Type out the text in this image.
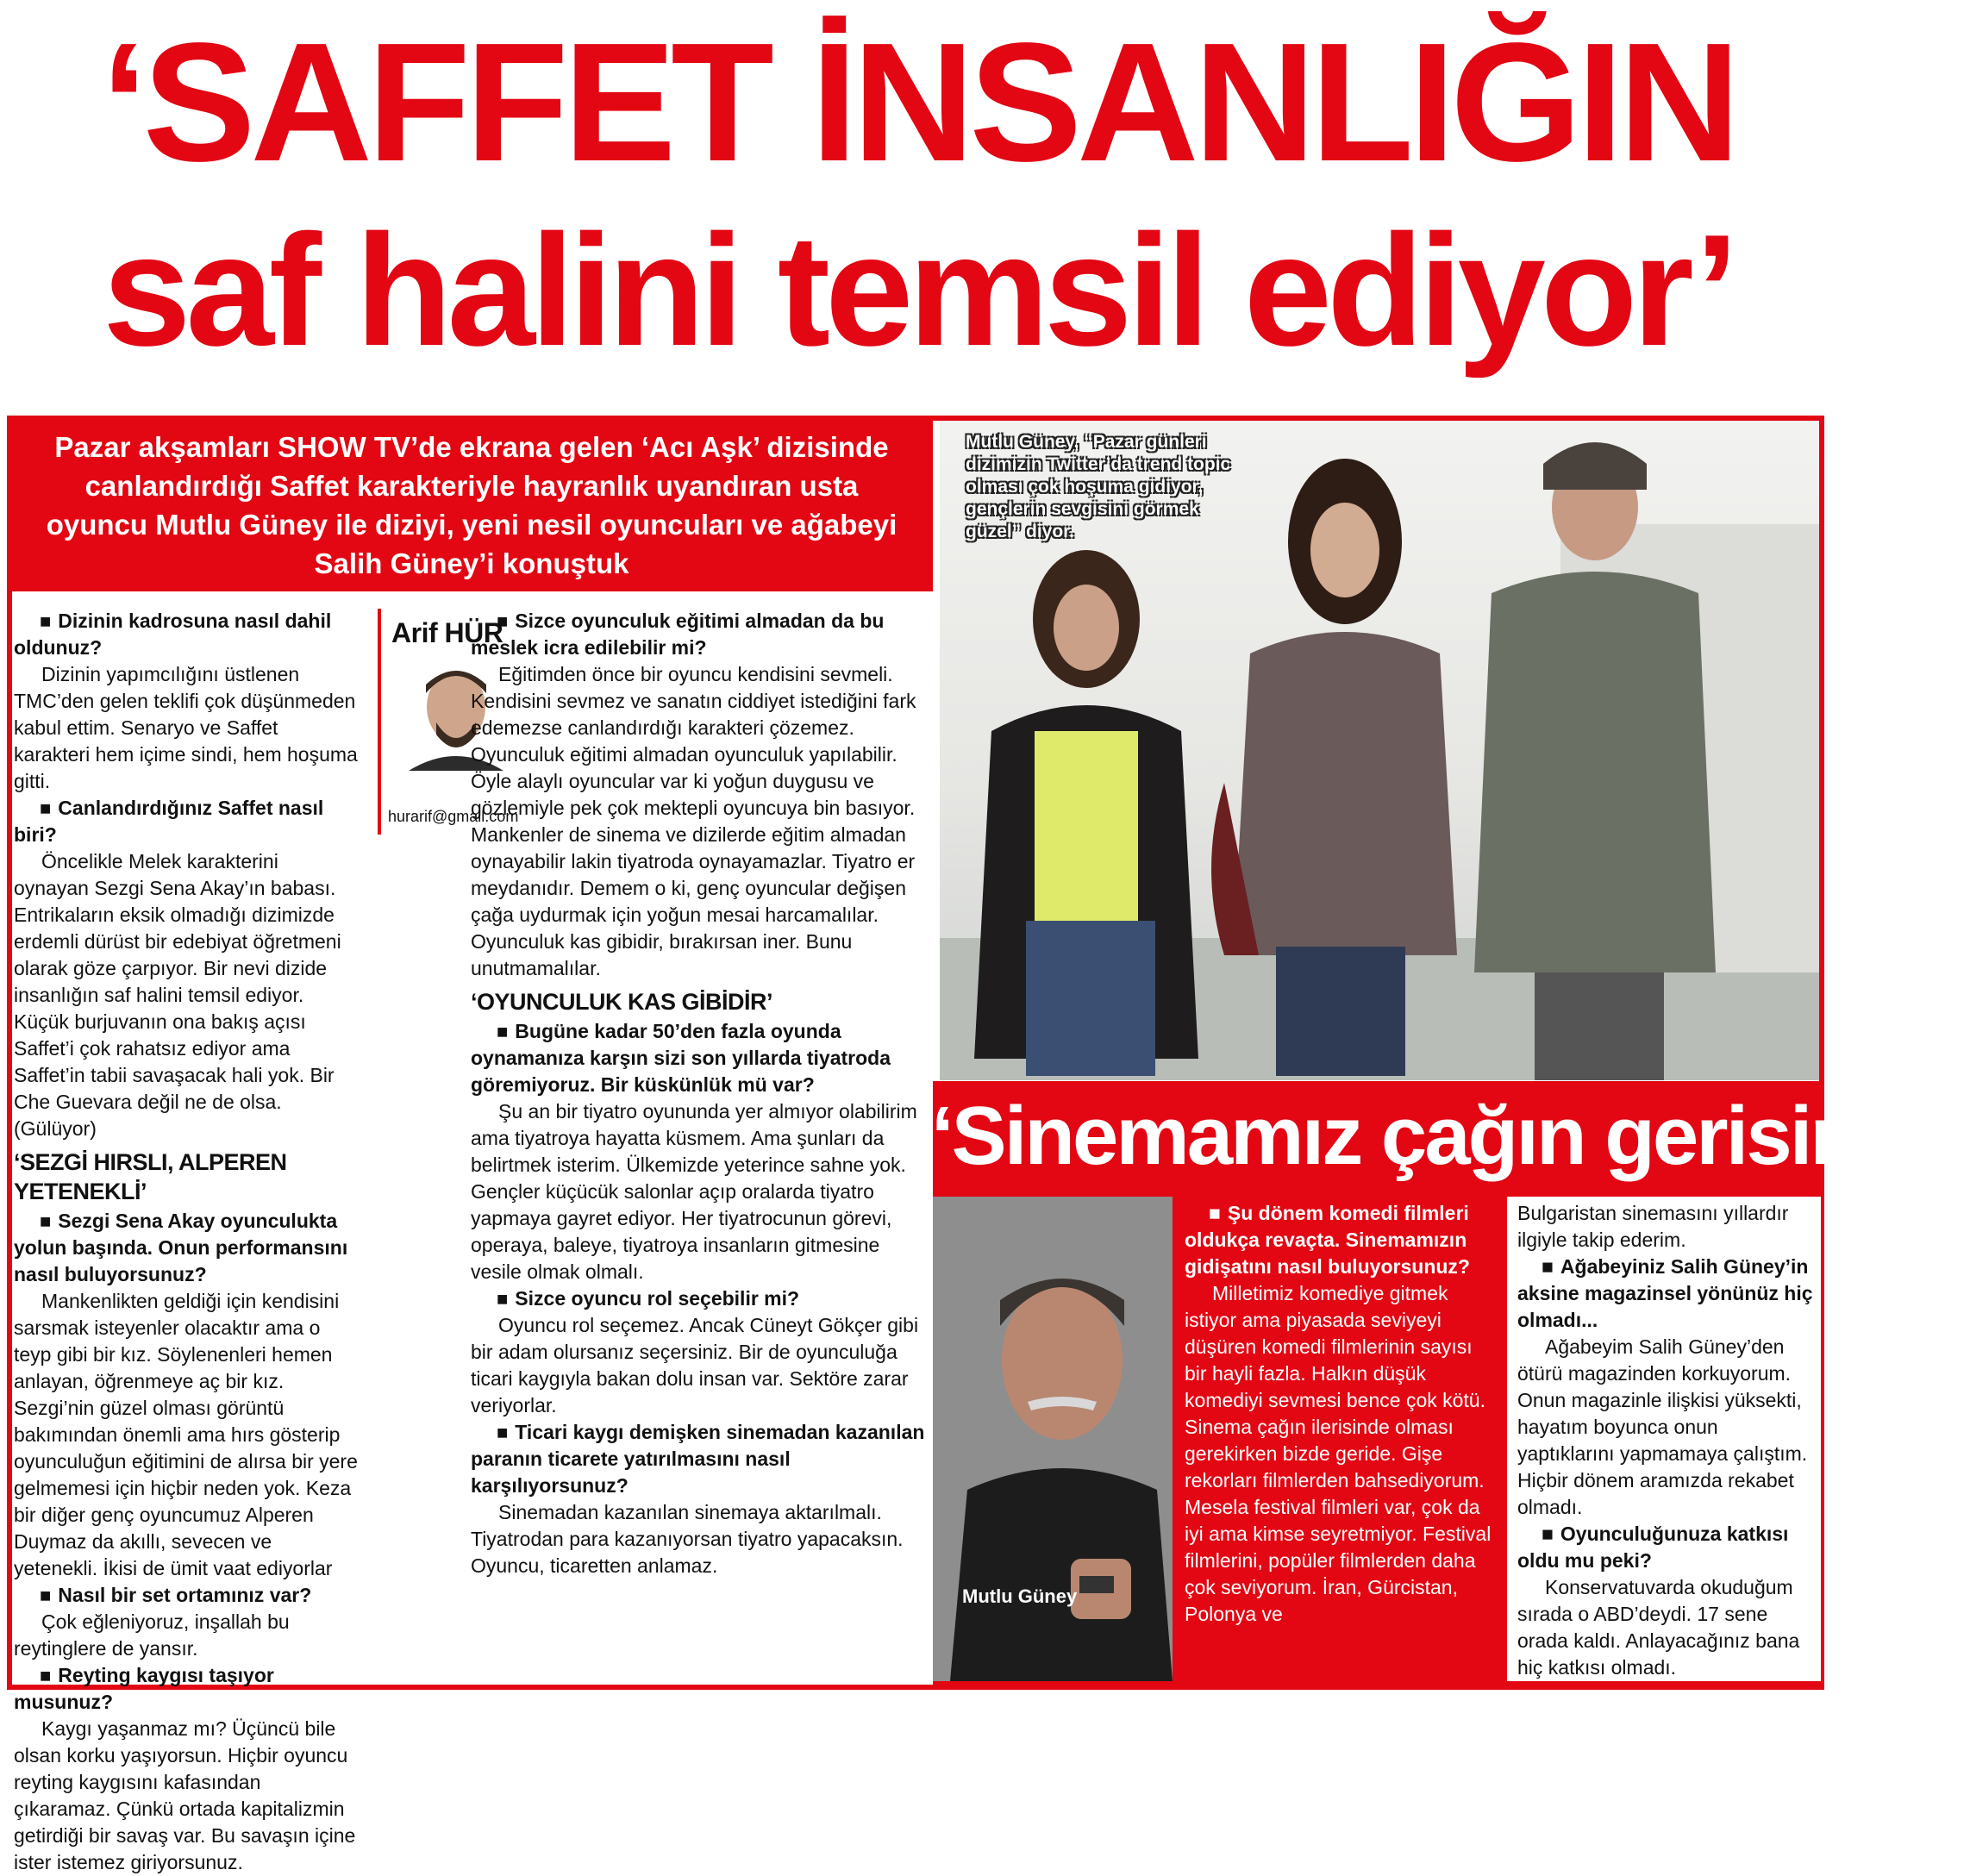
‘SAFFET İNSANLIĞIN
saf halini temsil ediyor’

Pazar akşamları SHOW TV’de ekrana gelen ‘Acı Aşk’ dizisinde canlandırdığı Saffet karakteriyle hayranlık uyandıran usta oyuncu Mutlu Güney ile diziyi, yeni nesil oyuncuları ve ağabeyi Salih Güney’i konuştuk

Mutlu Güney, “Pazar günleri dizimizin Twitter’da trend topic olması çok hoşuma gidiyor, gençlerin sevgisini görmek güzel” diyor.

■ Dizinin kadrosuna nasıl dahil oldunuz?

Dizinin yapımcılığını üstlenen TMC’den gelen teklifi çok düşünmeden kabul ettim. Senaryo ve Saffet karakteri hem içime sindi, hem hoşuma gitti.

■ Canlandırdığınız Saffet nasıl biri?

Öncelikle Melek karakterini oynayan Sezgi Sena Akay’ın babası. Entrikaların eksik olmadığı dizimizde erdemli dürüst bir edebiyat öğretmeni olarak göze çarpıyor. Bir nevi dizide insanlığın saf halini temsil ediyor. Küçük burjuvanın ona bakış açısı Saffet’i çok rahatsız ediyor ama Saffet’in tabii savaşacak hali yok. Bir Che Guevara değil ne de olsa. (Gülüyor)

‘SEZGİ HIRSLI, ALPEREN YETENEKLİ’

■ Sezgi Sena Akay oyunculukta yolun başında. Onun performansını nasıl buluyorsunuz?

Mankenlikten geldiği için kendisini sarsmak isteyenler olacaktır ama o teyp gibi bir kız. Söylenenleri hemen anlayan, öğrenmeye aç bir kız. Sezgi’nin güzel olması görüntü bakımından önemli ama hırs gösterip oyunculuğun eğitimini de alırsa bir yere gelmemesi için hiçbir neden yok. Keza bir diğer genç oyuncumuz Alperen Duymaz da akıllı, sevecen ve yetenekli. İkisi de ümit vaat ediyorlar

■ Nasıl bir set ortamınız var?

Çok eğleniyoruz, inşallah bu reytinglere de yansır.

■ Reyting kaygısı taşıyor musunuz?

Kaygı yaşanmaz mı? Üçüncü bile olsan korku yaşıyorsun. Hiçbir oyuncu reyting kaygısını kafasından çıkaramaz. Çünkü ortada kapitalizmin getirdiği bir savaş var. Bu savaşın içine ister istemez giriyorsunuz.

Arif HÜR
hurarif@gmail.com

■ Sizce oyunculuk eğitimi almadan da bu meslek icra edilebilir mi?

Eğitimden önce bir oyuncu kendisini sevmeli. Kendisini sevmez ve sanatın ciddiyet istediğini fark edemezse canlandırdığı karakteri çözemez. Oyunculuk eğitimi almadan oyunculuk yapılabilir. Öyle alaylı oyuncular var ki yoğun duygusu ve gözlemiyle pek çok mektepli oyuncuya bin basıyor. Mankenler de sinema ve dizilerde eğitim almadan oynayabilir lakin tiyatroda oynayamazlar. Tiyatro er meydanıdır. Demem o ki, genç oyuncular değişen çağa uydurmak için yoğun mesai harcamalılar. Oyunculuk kas gibidir, bırakırsan iner. Bunu unutmamalılar.

‘OYUNCULUK KAS GİBİDİR’

■ Bugüne kadar 50’den fazla oyunda oynamanıza karşın sizi son yıllarda tiyatroda göremiyoruz. Bir küskünlük mü var?

Şu an bir tiyatro oyununda yer almıyor olabilirim ama tiyatroya hayatta küsmem. Ama şunları da belirtmek isterim. Ülkemizde yeterince sahne yok. Gençler küçücük salonlar açıp oralarda tiyatro yapmaya gayret ediyor. Her tiyatrocunun görevi, operaya, baleye, tiyatroya insanların gitmesine vesile olmak olmalı.

■ Sizce oyuncu rol seçebilir mi?

Oyuncu rol seçemez. Ancak Cüneyt Gökçer gibi bir adam olursanız seçersiniz. Bir de oyunculuğa ticari kaygıyla bakan dolu insan var. Sektöre zarar veriyorlar.

■ Ticari kaygı demişken sinemadan kazanılan paranın ticarete yatırılmasını nasıl karşılıyorsunuz?

Sinemadan kazanılan sinemaya aktarılmalı. Tiyatrodan para kazanıyorsan tiyatro yapacaksın. Oyuncu, ticaretten anlamaz.

‘Sinemamız çağın gerisinde’
Mutlu Güney

■ Şu dönem komedi filmleri oldukça revaçta. Sinemamızın gidişatını nasıl buluyorsunuz?

Milletimiz komediye gitmek istiyor ama piyasada seviyeyi düşüren komedi filmlerinin sayısı bir hayli fazla. Halkın düşük komediyi sevmesi bence çok kötü. Sinema çağın ilerisinde olması gerekirken bizde geride. Gişe rekorları filmlerden bahsediyorum. Mesela festival filmleri var, çok da iyi ama kimse seyretmiyor. Festival filmlerini, popüler filmlerden daha çok seviyorum. İran, Gürcistan, Polonya ve

Bulgaristan sinemasını yıllardır ilgiyle takip ederim.

■ Ağabeyiniz Salih Güney’in aksine magazinsel yönünüz hiç olmadı...

Ağabeyim Salih Güney’den ötürü magazinden korkuyorum. Onun magazinle ilişkisi yüksekti, hayatım boyunca onun yaptıklarını yapmamaya çalıştım. Hiçbir dönem aramızda rekabet olmadı.

■ Oyunculuğunuza katkısı oldu mu peki?

Konservatuvarda okuduğum sırada o ABD’deydi. 17 sene orada kaldı. Anlayacağınız bana hiç katkısı olmadı.
